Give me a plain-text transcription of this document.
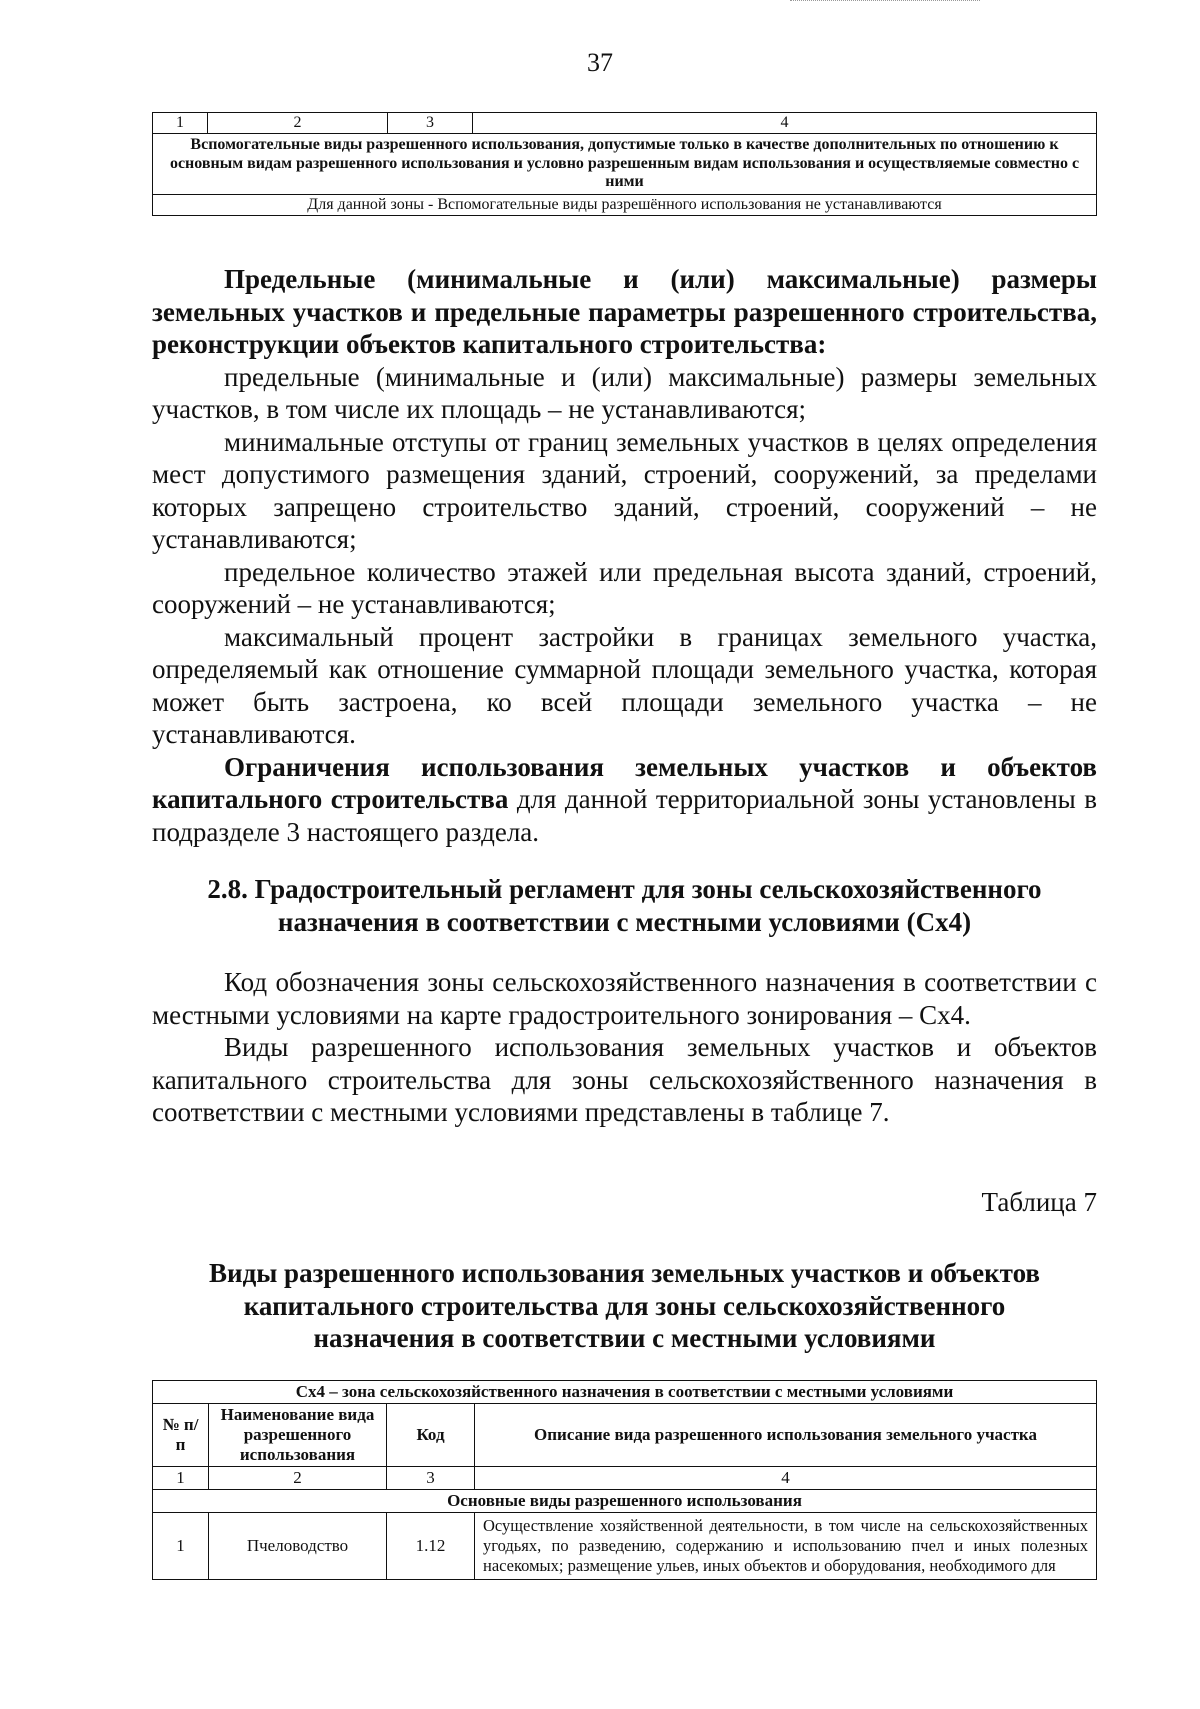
37
1	2	3	4
Вспомогательные виды разрешенного использования, допустимые только в качестве дополнительных по отношению к основным видам разрешенного использования и условно разрешенным видам использования и осуществляемые совместно с ними
Для данной зоны - Вспомогательные виды разрешённого использования не устанавливаются

Предельные (минимальные и (или) максимальные) размеры земельных участков и предельные параметры разрешенного строительства, реконструкции объектов капитального строительства:

предельные (минимальные и (или) максимальные) размеры земельных участков, в том числе их площадь – не устанавливаются;

минимальные отступы от границ земельных участков в целях определения мест допустимого размещения зданий, строений, сооружений, за пределами которых запрещено строительство зданий, строений, сооружений – не устанавливаются;

предельное количество этажей или предельная высота зданий, строений, сооружений – не устанавливаются;

максимальный процент застройки в границах земельного участка, определяемый как отношение суммарной площади земельного участка, которая может быть застроена, ко всей площади земельного участка – не устанавливаются.

Ограничения использования земельных участков и объектов капитального строительства для данной территориальной зоны установлены в подразделе 3 настоящего раздела.

2.8. Градостроительный регламент для зоны сельскохозяйственного назначения в соответствии с местными условиями (Сх4)

Код обозначения зоны сельскохозяйственного назначения в соответствии с местными условиями на карте градостроительного зонирования – Сх4.

Виды разрешенного использования земельных участков и объектов капитального строительства для зоны сельскохозяйственного назначения в соответствии с местными условиями представлены в таблице 7.

Таблица 7
Виды разрешенного использования земельных участков и объектов капитального строительства для зоны сельскохозяйственного назначения в соответствии с местными условиями
Сх4 – зона сельскохозяйственного назначения в соответствии с местными условиями			
№ п/п	Наименование вида разрешенного использования	Код	Описание вида разрешенного использования земельного участка
1	2	3	4
Основные виды разрешенного использования			
1	Пчеловодство	1.12	Осуществление хозяйственной деятельности, в том числе на сельскохозяйственных угодьях, по разведению, содержанию и использованию пчел и иных полезных насекомых; размещение ульев, иных объектов и оборудования, необходимого для
